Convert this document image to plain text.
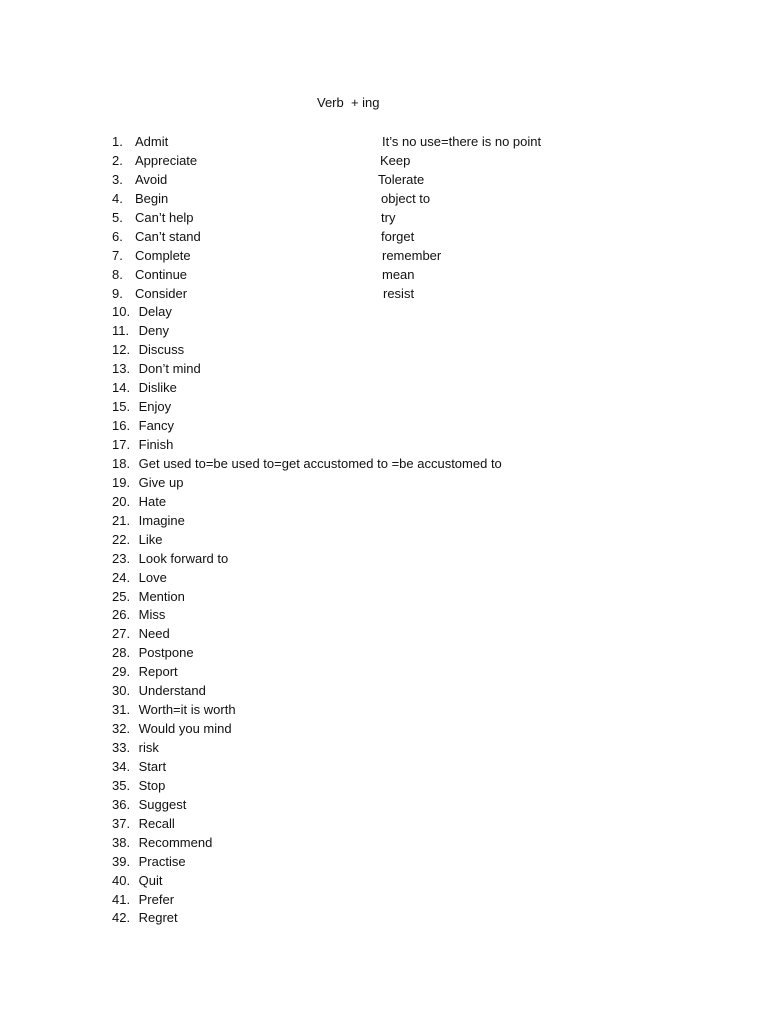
Verb  + ing
1. Admit
2. Appreciate
3. Avoid
4. Begin
5. Can’t help
6. Can’t stand
7. Complete
8. Continue
9. Consider
10. Delay
11. Deny
12. Discuss
13. Don’t mind
14. Dislike
15. Enjoy
16. Fancy
17. Finish
18. Get used to=be used to=get accustomed to =be accustomed to
19. Give up
20. Hate
21. Imagine
22. Like
23. Look forward to
24. Love
25. Mention
26. Miss
27. Need
28. Postpone
29. Report
30. Understand
31. Worth=it is worth
32. Would you mind
33. risk
34. Start
35. Stop
36. Suggest
37. Recall
38. Recommend
39. Practise
40. Quit
41. Prefer
42. Regret
It’s no use=there is no point
Keep
Tolerate
object to
try
forget
remember
mean
resist
